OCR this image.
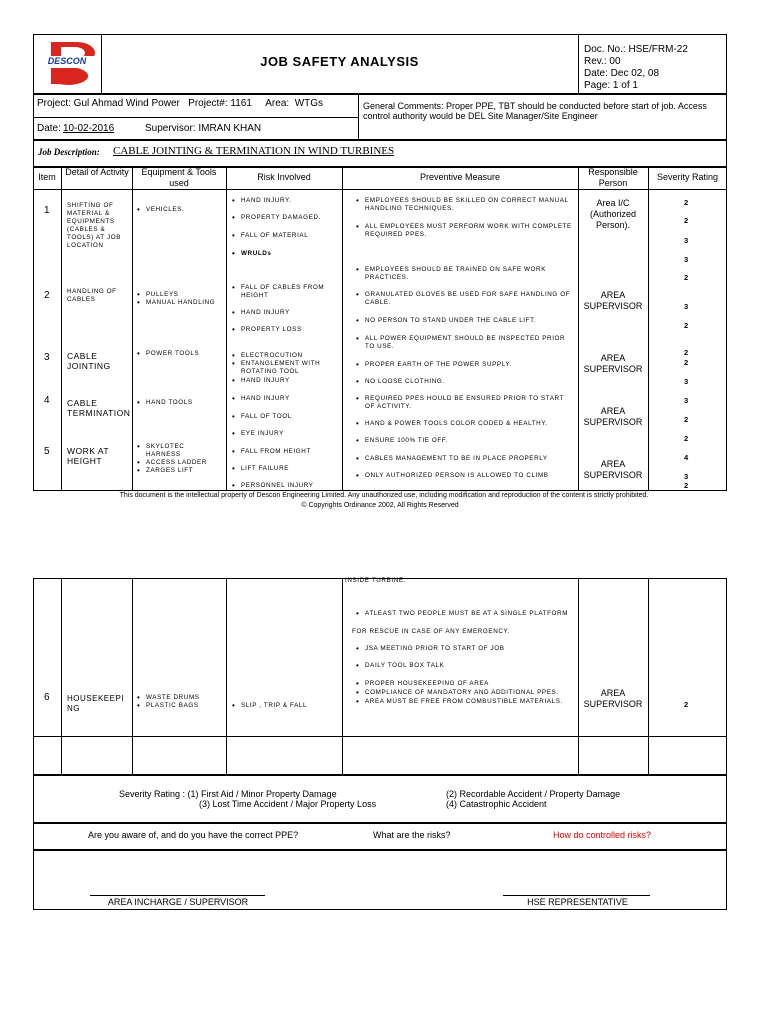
DESCON	JOB SAFETY ANALYSIS
Doc. No.: HSE/FRM-22
Rev.: 00
Date: Dec 02, 08
Page: 1 of 1
Project: Gul Ahmad Wind Power   Project#: 1161     Area:  WTGs	General Comments: Proper PPE, TBT should be conducted before start of job. Access control authority would be DEL Site Manager/Site Engineer
Date: 10-02-2016	Supervisor: IMRAN KHAN
Job Description: CABLE JOINTING & TERMINATION IN WIND TURBINES
Item	Detail of Activity	Equipment & Tools used
Risk Involved	Preventive Measure	Responsible Person
Severity Rating
1
2
3
4
5
SHIFTING OF MATERIAL & EQUIPMENTS (CABLES & TOOLS) AT JOB LOCATION
HANDLING OF CABLES
CABLE JOINTING
CABLE TERMINATION
WORK AT HEIGHT
• VEHICLES.
• PULLEYS
• MANUAL HANDLING
• POWER TOOLS
• HAND TOOLS
• SKYLOTEC HARNESS
• ACCESS LADDER
• ZARGES LIFT
• HAND INJURY.
• PROPERTY DAMAGED.
• FALL OF MATERIAL
• WRULDs
• FALL OF CABLES FROM HEIGHT
• HAND INJURY
• PROPERTY LOSS
• ELECTROCUTION
• ENTANGLEMENT WITH ROTATING TOOL
• HAND INJURY
• HAND INJURY
• FALL OF TOOL
• EYE INJURY
• FALL FROM HEIGHT
• LIFT FAILURE
• PERSONNEL INJURY
• EMPLOYEES SHOULD BE SKILLED ON CORRECT MANUAL HANDLING TECHNIQUES.
• ALL EMPLOYEES MUST PERFORM WORK WITH COMPLETE REQUIRED PPES.
• EMPLOYEES SHOULD BE TRAINED ON SAFE WORK PRACTICES.
• GRANULATED GLOVES BE USED FOR SAFE HANDLING OF CABLE.
• NO PERSON TO STAND UNDER THE CABLE LIFT.
• ALL POWER EQUIPMENT SHOULD BE INSPECTED PRIOR TO USE.
• PROPER EARTH OF THE POWER SUPPLY.
• NO LOOSE CLOTHING.
• REQUIRED PPES HOULD BE ENSURED PRIOR TO START OF ACTIVITY.
• HAND & POWER TOOLS COLOR CODED & HEALTHY.
• ENSURE 100% TIE OFF.
• CABLES MANAGEMENT TO BE IN PLACE PROPERLY
• ONLY AUTHORIZED PERSON IS ALLOWED TO CLIMB
Area I/C (Authorized Person).
AREA SUPERVISOR
AREA SUPERVISOR
AREA SUPERVISOR
AREA SUPERVISOR
2
2
3
3
2
3
2
2
2
3
3
2
2
4
3
2
This document is the intellectual property of Descon Engineering Limited. Any unauthorized use, including modification and reproduction of the content is strictly prohibited.
© Copyrights Ordinance 2002, All Rights Reserved
INSIDE TURBINE.
6 HOUSEKEEPI
NG
• WASTE DRUMS
• PLASTIC BAGS
•	SLIP , TRIP & FALL
• ATLEAST TWO PEOPLE MUST BE AT A SINGLE PLATFORM
FOR RESCUE IN CASE OF ANY EMERGENCY.
• JSA MEETING PRIOR TO START OF JOB
• DAILY TOOL BOX TALK
• PROPER HOUSEKEEPING OF AREA
• COMPLIANCE OF MANDATORY AND ADDITIONAL PPES.
• AREA MUST BE FREE FROM COMBUSTIBLE MATERIALS.
AREA SUPERVISOR	2
Severity Rating : (1) First Aid / Minor Property Damage	(2) Recordable Accident / Property Damage
(3) Lost Time Accident / Major Property Loss	(4) Catastrophic Accident
Are you aware of, and do you have the correct PPE?	What are the risks?	How do controlled risks?
AREA INCHARGE / SUPERVISOR	HSE REPRESENTATIVE
